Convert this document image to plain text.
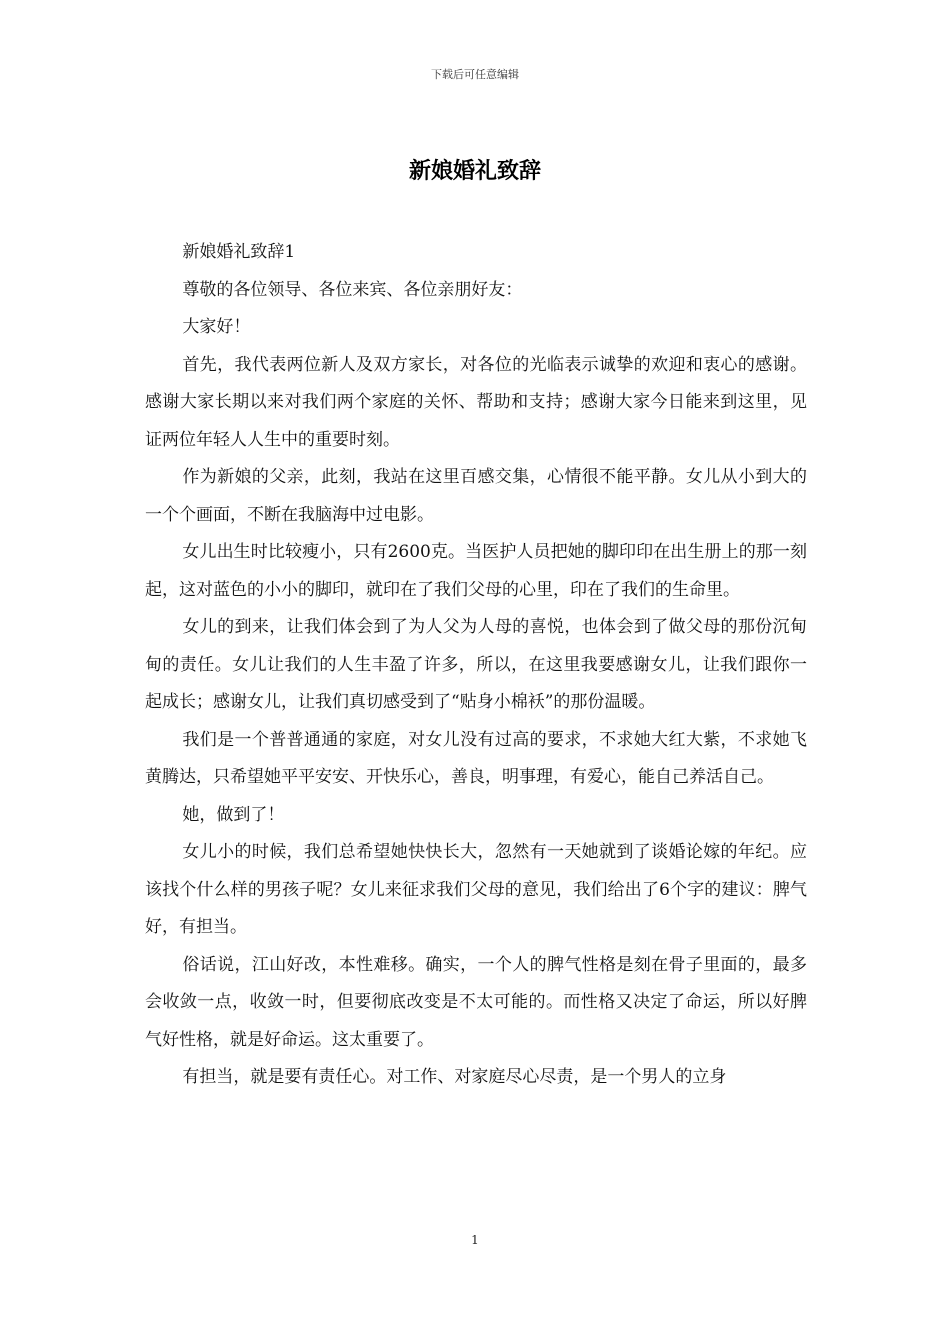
下载后可任意编辑
新娘婚礼致辞

新娘婚礼致辞1

尊敬的各位领导、各位来宾、各位亲朋好友：

大家好！

首先，我代表两位新人及双方家长，对各位的光临表示诚挚的欢迎和衷心的感谢。感谢大家长期以来对我们两个家庭的关怀、帮助和支持；感谢大家今日能来到这里，见证两位年轻人人生中的重要时刻。

作为新娘的父亲，此刻，我站在这里百感交集，心情很不能平静。女儿从小到大的一个个画面，不断在我脑海中过电影。

女儿出生时比较瘦小，只有2600克。当医护人员把她的脚印印在出生册上的那一刻起，这对蓝色的小小的脚印，就印在了我们父母的心里，印在了我们的生命里。

女儿的到来，让我们体会到了为人父为人母的喜悦，也体会到了做父母的那份沉甸甸的责任。女儿让我们的人生丰盈了许多，所以，在这里我要感谢女儿，让我们跟你一起成长；感谢女儿，让我们真切感受到了“贴身小棉袄”的那份温暖。

我们是一个普普通通的家庭，对女儿没有过高的要求，不求她大红大紫，不求她飞黄腾达，只希望她平平安安、开快乐心，善良，明事理，有爱心，能自己养活自己。

她，做到了！

女儿小的时候，我们总希望她快快长大，忽然有一天她就到了谈婚论嫁的年纪。应该找个什么样的男孩子呢？女儿来征求我们父母的意见，我们给出了6个字的建议：脾气好，有担当。

俗话说，江山好改，本性难移。确实，一个人的脾气性格是刻在骨子里面的，最多会收敛一点，收敛一时，但要彻底改变是不太可能的。而性格又决定了命运，所以好脾气好性格，就是好命运。这太重要了。

有担当，就是要有责任心。对工作、对家庭尽心尽责，是一个男人的立身

1
